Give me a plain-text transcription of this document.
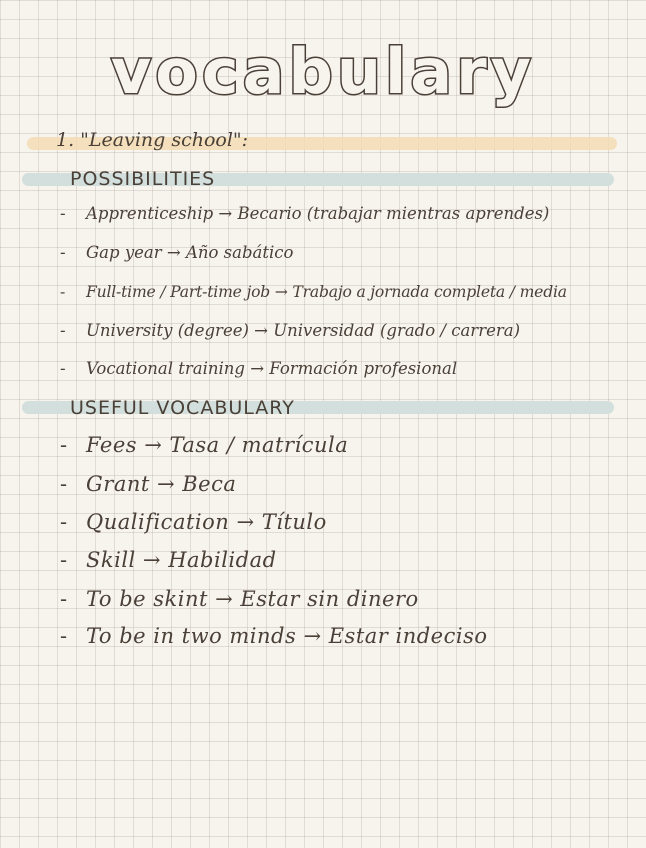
vocabulary
1. "Leaving school":
POSSIBILITIES
- Apprenticeship → Becario (trabajar mientras aprendes)
- Gap year → Año sabático
- Full-time / Part-time job → Trabajo a jornada completa / media
- University (degree) → Universidad (grado / carrera)
- Vocational training → Formación profesional
USEFUL VOCABULARY
- Fees → Tasa / matrícula
- Grant → Beca
- Qualification → Título
- Skill → Habilidad
- To be skint → Estar sin dinero
- To be in two minds → Estar indeciso
